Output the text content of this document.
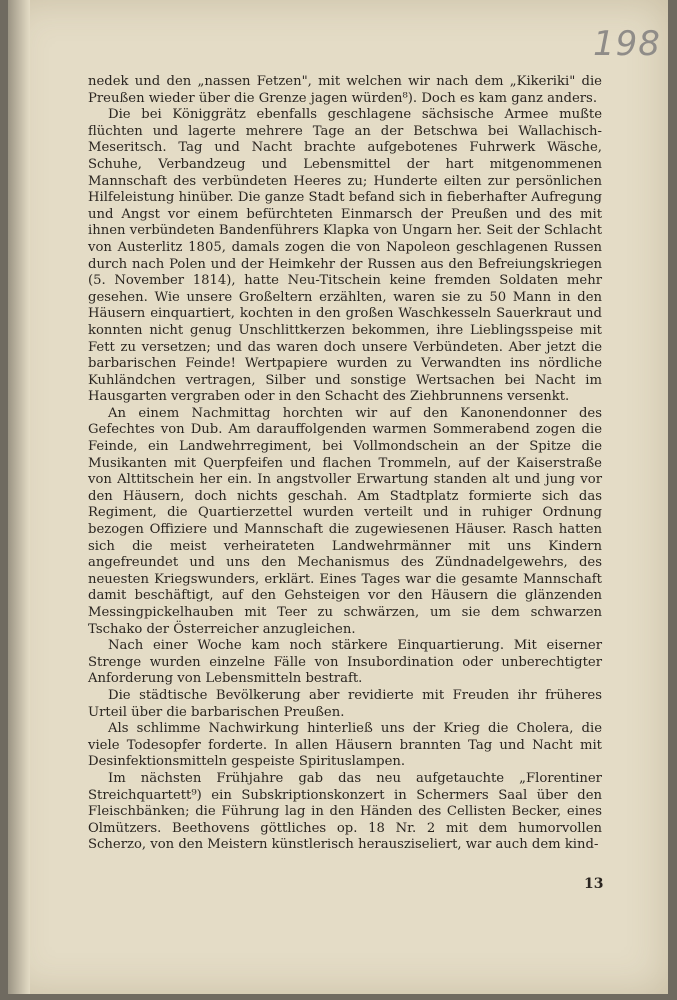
198

nedek und den „nassen Fetzen", mit welchen wir nach dem „Kikeriki" die Preußen wieder über die Grenze jagen würden⁸). Doch es kam ganz anders.

Die bei Königgrätz ebenfalls geschlagene sächsische Armee mußte flüchten und lagerte mehrere Tage an der Betschwa bei Wallachisch-Meseritsch. Tag und Nacht brachte aufgebotenes Fuhrwerk Wäsche, Schuhe, Verbandzeug und Lebensmittel der hart mitgenommenen Mannschaft des verbündeten Heeres zu; Hunderte eilten zur persönlichen Hilfeleistung hinüber. Die ganze Stadt befand sich in fieberhafter Aufregung und Angst vor einem befürchteten Einmarsch der Preußen und des mit ihnen verbündeten Bandenführers Klapka von Ungarn her. Seit der Schlacht von Austerlitz 1805, damals zogen die von Napoleon geschlagenen Russen durch nach Polen und der Heimkehr der Russen aus den Befreiungskriegen (5. November 1814), hatte Neu-Titschein keine fremden Soldaten mehr gesehen. Wie unsere Großeltern erzählten, waren sie zu 50 Mann in den Häusern einquartiert, kochten in den großen Waschkesseln Sauerkraut und konnten nicht genug Unschlittkerzen bekommen, ihre Lieblingsspeise mit Fett zu versetzen; und das waren doch unsere Verbündeten. Aber jetzt die barbarischen Feinde! Wertpapiere wurden zu Verwandten ins nördliche Kuhländchen vertragen, Silber und sonstige Wertsachen bei Nacht im Hausgarten vergraben oder in den Schacht des Ziehbrunnens versenkt.

An einem Nachmittag horchten wir auf den Kanonendonner des Gefechtes von Dub. Am darauffolgenden warmen Sommerabend zogen die Feinde, ein Landwehrregiment, bei Vollmondschein an der Spitze die Musikanten mit Querpfeifen und flachen Trommeln, auf der Kaiserstraße von Alttitschein her ein. In angstvoller Erwartung standen alt und jung vor den Häusern, doch nichts geschah. Am Stadtplatz formierte sich das Regiment, die Quartierzettel wurden verteilt und in ruhiger Ordnung bezogen Offiziere und Mannschaft die zugewiesenen Häuser. Rasch hatten sich die meist verheirateten Landwehrmänner mit uns Kindern angefreundet und uns den Mechanismus des Zündnadelgewehrs, des neuesten Kriegswunders, erklärt. Eines Tages war die gesamte Mannschaft damit beschäftigt, auf den Gehsteigen vor den Häusern die glänzenden Messingpickelhauben mit Teer zu schwärzen, um sie dem schwarzen Tschako der Österreicher anzugleichen.

Nach einer Woche kam noch stärkere Einquartierung. Mit eiserner Strenge wurden einzelne Fälle von Insubordination oder unberechtigter Anforderung von Lebensmitteln bestraft.

Die städtische Bevölkerung aber revidierte mit Freuden ihr früheres Urteil über die barbarischen Preußen.

Als schlimme Nachwirkung hinterließ uns der Krieg die Cholera, die viele Todesopfer forderte. In allen Häusern brannten Tag und Nacht mit Desinfektionsmitteln gespeiste Spirituslampen.

Im nächsten Frühjahre gab das neu aufgetauchte „Florentiner Streichquartett⁹) ein Subskriptionskonzert in Schermers Saal über den Fleischbänken; die Führung lag in den Händen des Cellisten Becker, eines Olmützers. Beethovens göttliches op. 18 Nr. 2 mit dem humorvollen Scherzo, von den Meistern künstlerisch herausziseliert, war auch dem kind-

13
